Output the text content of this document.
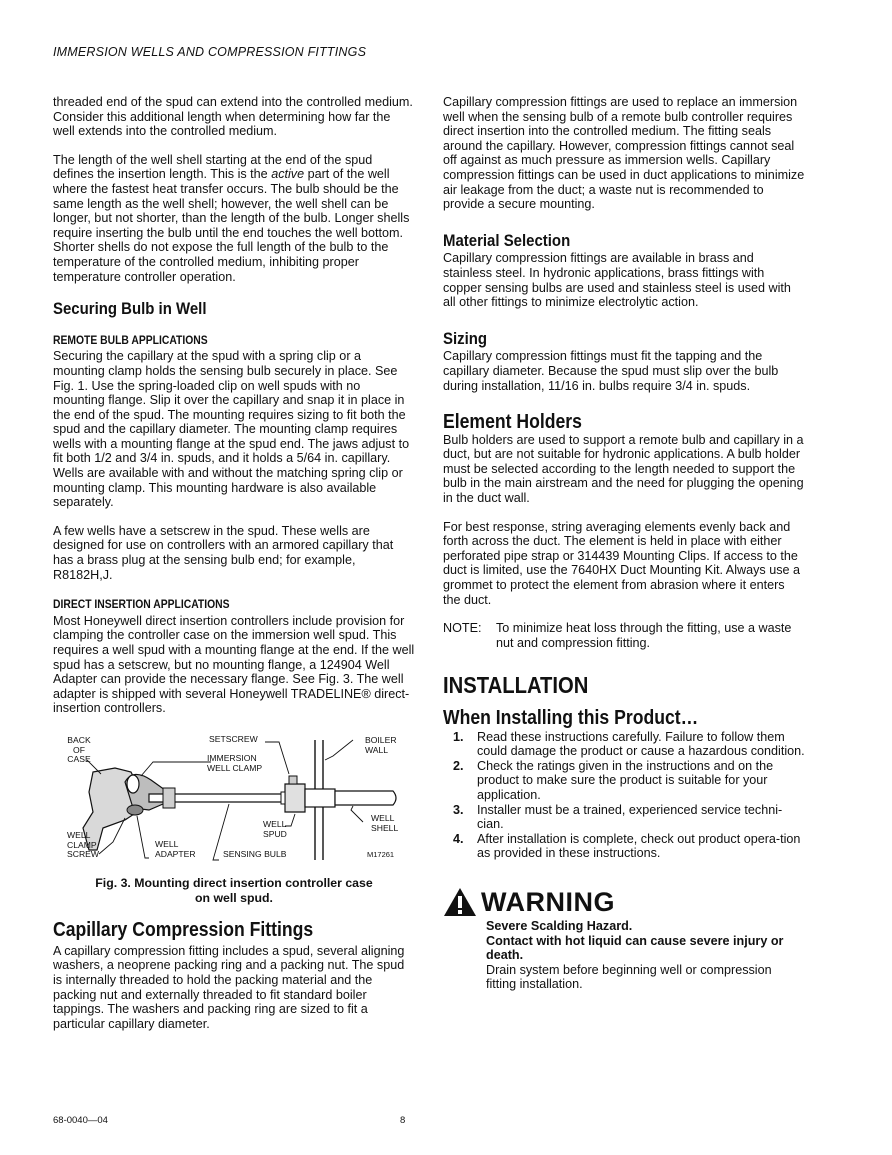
IMMERSION WELLS AND COMPRESSION FITTINGS

threaded end of the spud can extend into the controlled medium. Consider this additional length when determining how far the well extends into the controlled medium.

The length of the well shell starting at the end of the spud defines the insertion length. This is the active part of the well where the fastest heat transfer occurs. The bulb should be the same length as the well shell; however, the well shell can be longer, but not shorter, than the length of the bulb. Longer shells require inserting the bulb until the end touches the well bottom. Shorter shells do not expose the full length of the bulb to the temperature of the controlled medium, inhibiting proper temperature controller operation.

Securing Bulb in Well
REMOTE BULB APPLICATIONS

Securing the capillary at the spud with a spring clip or a mounting clamp holds the sensing bulb securely in place. See Fig. 1. Use the spring-loaded clip on well spuds with no mounting flange. Slip it over the capillary and snap it in place in the end of the spud. The mounting requires sizing to fit both the spud and the capillary diameter. The mounting clamp requires wells with a mounting flange at the spud end. The jaws adjust to fit both 1/2 and 3/4 in. spuds, and it holds a 5/64 in. capillary. Wells are available with and without the matching spring clip or mounting clamp. This mounting hardware is also available separately.

A few wells have a setscrew in the spud. These wells are designed for use on controllers with an armored capillary that has a brass plug at the sensing bulb end; for example, R8182H,J.

DIRECT INSERTION APPLICATIONS

Most Honeywell direct insertion controllers include provision for clamping the controller case on the immersion well spud. This requires a well spud with a mounting flange at the end. If the well spud has a setscrew, but no mounting flange, a 124904 Well Adapter can provide the necessary flange. See Fig. 3. The well adapter is shipped with several Honeywell TRADELINE® direct-insertion controllers.

BACK
OF
CASE
SETSCREW
IMMERSION
WELL CLAMP
BOILER
WALL
WELL
SHELL
WELL
SPUD
WELL
CLAMP
SCREW
WELL
ADAPTER	SENSING BULB	M17261
Fig. 3. Mounting direct insertion controller case on well spud.
Capillary Compression Fittings

A capillary compression fitting includes a spud, several aligning washers, a neoprene packing ring and a packing nut. The spud is internally threaded to hold the packing material and the packing nut and externally threaded to fit standard boiler tappings. The washers and packing ring are sized to fit a particular capillary diameter.

Capillary compression fittings are used to replace an immersion well when the sensing bulb of a remote bulb controller requires direct insertion into the controlled medium. The fitting seals around the capillary. However, compression fittings cannot seal off against as much pressure as immersion wells. Capillary compression fittings can be used in duct applications to minimize air leakage from the duct; a waste nut is recommended to provide a secure mounting.

Material Selection

Capillary compression fittings are available in brass and stainless steel. In hydronic applications, brass fittings with copper sensing bulbs are used and stainless steel is used with all other fittings to minimize electrolytic action.

Sizing

Capillary compression fittings must fit the tapping and the capillary diameter. Because the spud must slip over the bulb during installation, 11/16 in. bulbs require 3/4 in. spuds.

Element Holders

Bulb holders are used to support a remote bulb and capillary in a duct, but are not suitable for hydronic applications. A bulb holder must be selected according to the length needed to support the bulb in the main airstream and the need for plugging the opening in the duct wall.

For best response, string averaging elements evenly back and forth across the duct. The element is held in place with either perforated pipe strap or 314439 Mounting Clips. If access to the duct is limited, use the 7640HX Duct Mounting Kit. Always use a grommet to protect the element from abrasion where it enters the duct.

NOTE:	To minimize heat loss through the fitting, use a waste nut and compression fitting.
INSTALLATION
When Installing this Product…
1.	Read these instructions carefully. Failure to follow them could damage the product or cause a hazardous condition.
2.	Check the ratings given in the instructions and on the product to make sure the product is suitable for your application.
3.	Installer must be a trained, experienced service techni-cian.
4.	After installation is complete, check out product opera-tion as provided in these instructions.
WARNING
Severe Scalding Hazard.
Contact with hot liquid can cause severe injury or death.
Drain system before beginning well or compression fitting installation.
68-0040—04	8
